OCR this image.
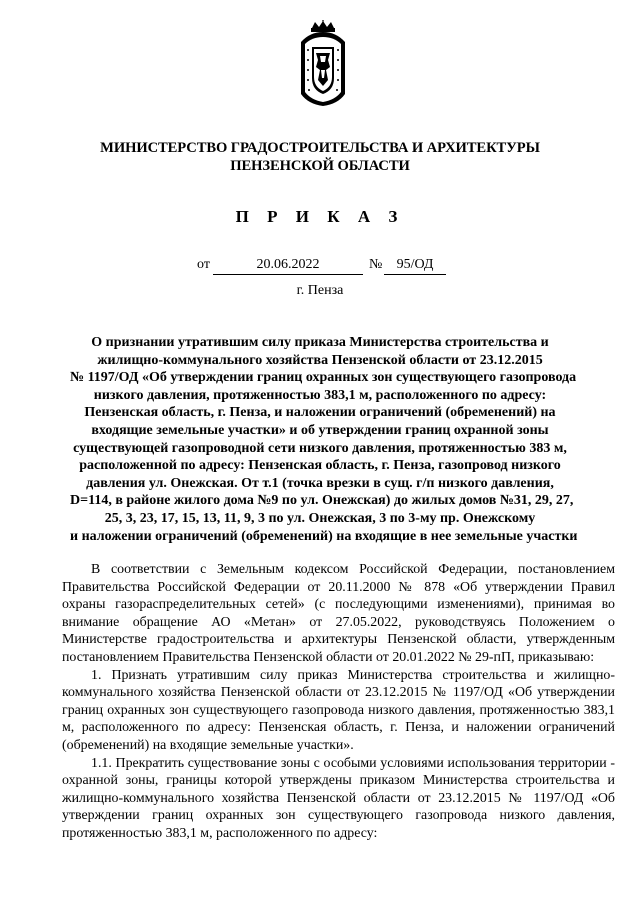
МИНИСТЕРСТВО ГРАДОСТРОИТЕЛЬСТВА И АРХИТЕКТУРЫ
ПЕНЗЕНСКОЙ ОБЛАСТИ
П Р И К А З
от	20.06.2022	№	95/ОД
г. Пенза
О признании утратившим силу приказа Министерства строительства и
жилищно-коммунального хозяйства Пензенской области от 23.12.2015
№ 1197/ОД «Об утверждении границ охранных зон существующего газопровода
низкого давления, протяженностью 383,1 м, расположенного по адресу:
Пензенская область, г. Пенза, и наложении ограничений (обременений) на
входящие земельные участки» и об утверждении границ охранной зоны
существующей газопроводной сети низкого давления, протяженностью 383 м,
расположенной по адресу: Пензенская область, г. Пенза, газопровод низкого
давления ул. Онежская. От т.1 (точка врезки в сущ. г/п низкого давления,
D=114, в районе жилого дома №9 по ул. Онежская) до жилых домов №31, 29, 27,
25, 3, 23, 17, 15, 13, 11, 9, 3 по ул. Онежская, 3 по 3-му пр. Онежскому
и наложении ограничений (обременений) на входящие в нее земельные участки

В соответствии с Земельным кодексом Российской Федерации, постановлением Правительства Российской Федерации от 20.11.2000 № 878 «Об утверждении Правил охраны газораспределительных сетей» (с последующими изменениями), принимая во внимание обращение АО «Метан» от 27.05.2022, руководствуясь Положением о Министерстве градостроительства и архитектуры Пензенской области, утвержденным постановлением Правительства Пензенской области от 20.01.2022 № 29-пП, приказываю:

1. Признать утратившим силу приказ Министерства строительства и жилищно-коммунального хозяйства Пензенской области от 23.12.2015 № 1197/ОД «Об утверждении границ охранных зон существующего газопровода низкого давления, протяженностью 383,1 м, расположенного по адресу: Пензенская область, г. Пенза, и наложении ограничений (обременений) на входящие земельные участки».

1.1. Прекратить существование зоны с особыми условиями использования территории - охранной зоны, границы которой утверждены приказом Министерства строительства и жилищно-коммунального хозяйства Пензенской области от 23.12.2015 № 1197/ОД «Об утверждении границ охранных зон существующего газопровода низкого давления, протяженностью 383,1 м, расположенного по адресу:
